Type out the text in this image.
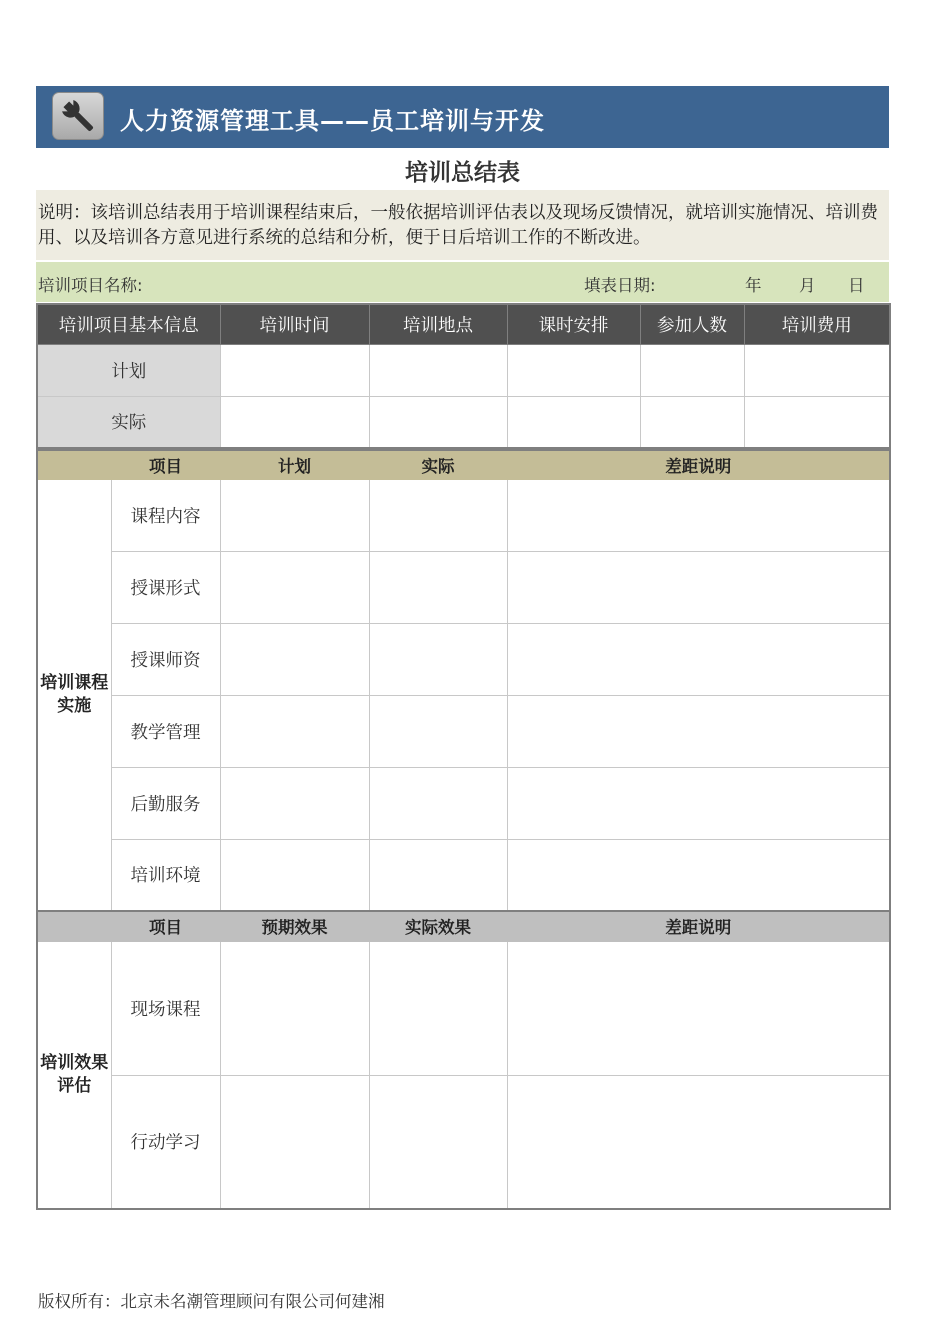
人力资源管理工具——员工培训与开发
培训总结表
说明：该培训总结表用于培训课程结束后，一般依据培训评估表以及现场反馈情况，就培训实施情况、培训费用、以及培训各方意见进行系统的总结和分析，便于日后培训工作的不断改进。
培训项目名称:	填表日期:	年 月 日
培训项目基本信息	培训时间	培训地点	课时安排	参加人数	培训费用
计划					
实际					
	项目	计划	实际	差距说明

培训课程实施	课程内容			
	授课形式			
	授课师资			
	教学管理			
	后勤服务			
	培训环境			
	项目	预期效果	实际效果	差距说明

培训效果评估	现场课程			
	行动学习			
版权所有：北京未名潮管理顾问有限公司何建湘
